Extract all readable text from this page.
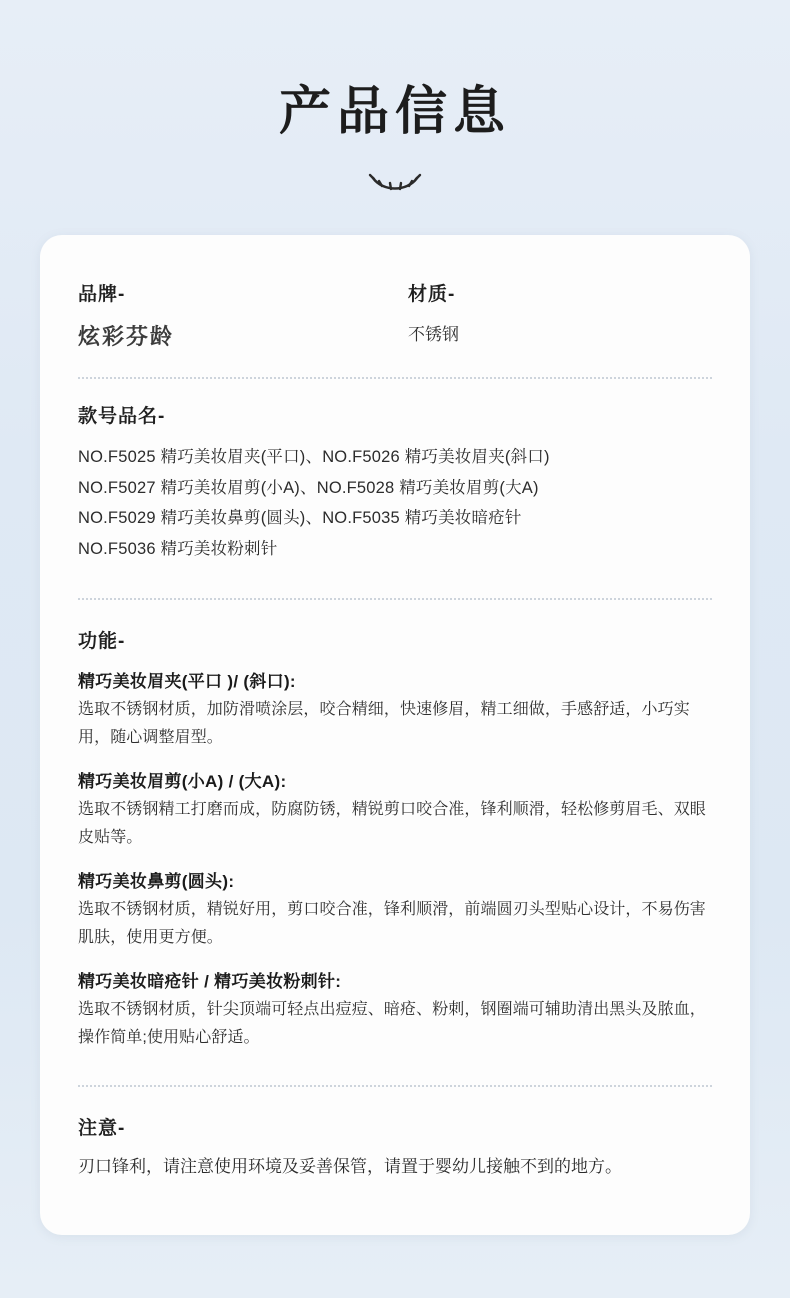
产品信息
品牌-
炫彩芬龄
材质-
不锈钢
款号品名-
NO.F5025 精巧美妆眉夹(平口)、NO.F5026 精巧美妆眉夹(斜口)
NO.F5027 精巧美妆眉剪(小A)、NO.F5028 精巧美妆眉剪(大A)
NO.F5029 精巧美妆鼻剪(圆头)、NO.F5035 精巧美妆暗疮针
NO.F5036 精巧美妆粉刺针
功能-
精巧美妆眉夹(平口 )/ (斜口):
选取不锈钢材质，加防滑喷涂层，咬合精细，快速修眉，精工细做，手感舒适，小巧实用，随心调整眉型。
精巧美妆眉剪(小A) / (大A):
选取不锈钢精工打磨而成，防腐防锈，精锐剪口咬合准，锋利顺滑，轻松修剪眉毛、双眼皮贴等。
精巧美妆鼻剪(圆头):
选取不锈钢材质，精锐好用，剪口咬合准，锋利顺滑，前端圆刃头型贴心设计，不易伤害肌肤，使用更方便。
精巧美妆暗疮针 / 精巧美妆粉刺针:
选取不锈钢材质，针尖顶端可轻点出痘痘、暗疮、粉刺，钢圈端可辅助清出黑头及脓血，操作简单;使用贴心舒适。
注意-
刃口锋利，请注意使用环境及妥善保管，请置于婴幼儿接触不到的地方。
